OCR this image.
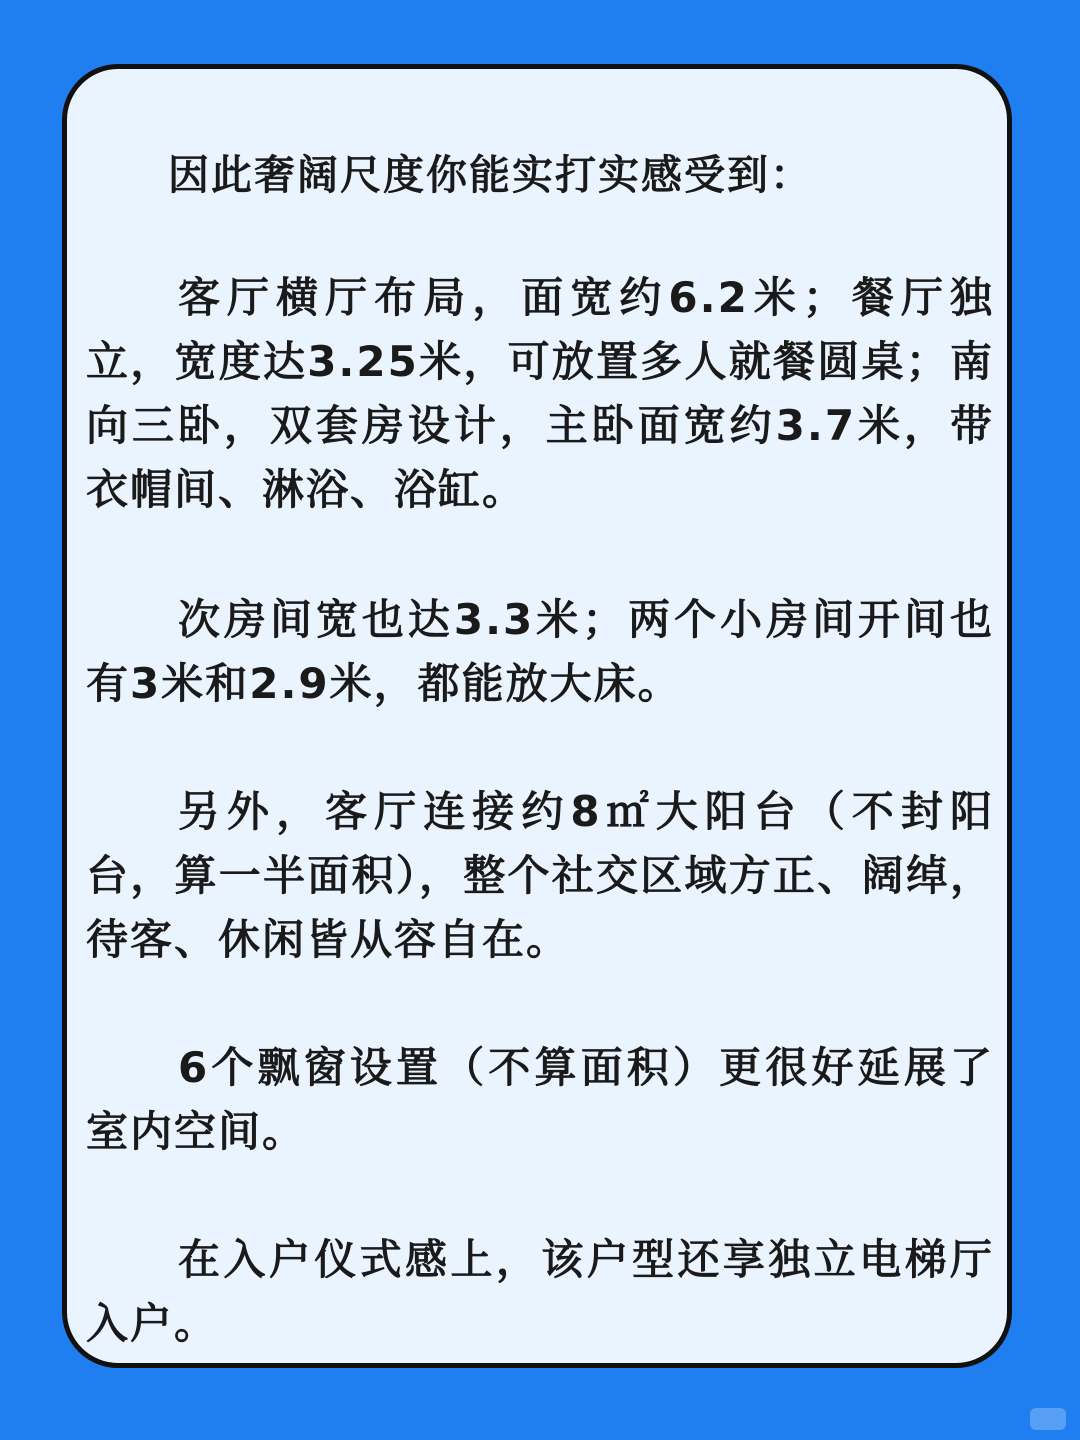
因此奢阔尺度你能实打实感受到：
客厅横厅布局，面宽约6.2米；餐厅独立，宽度达3.25米，可放置多人就餐圆桌；南向三卧，双套房设计，主卧面宽约3.7米，带衣帽间、淋浴、浴缸。
次房间宽也达3.3米；两个小房间开间也有3米和2.9米，都能放大床。
另外，客厅连接约8㎡大阳台（不封阳台，算一半面积），整个社交区域方正、阔绰，待客、休闲皆从容自在。
6个飘窗设置（不算面积）更很好延展了室内空间。
在入户仪式感上，该户型还享独立电梯厅入户。
